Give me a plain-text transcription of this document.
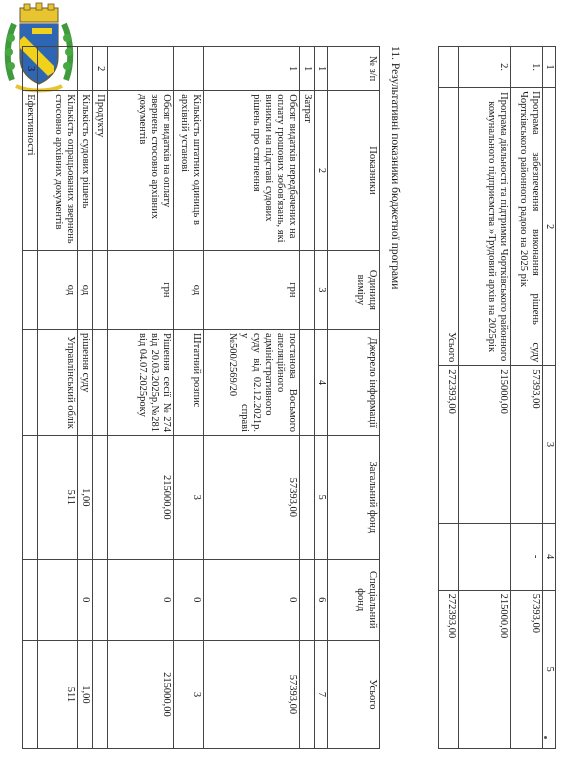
1	2	3	4	5
1.	Програма забезпечення виконання рішень суду Чортківського районного радою на 2025 рік	57393,00	-	57393,00
2.	Програма діяльності та підтримки Чортківського районного комунального підприємства »Трудовий архів на 2025рік	215000,00		215000,00
	Усього	272393,00		272393,00
11. Результативні показники бюджетної програми
№ з/п	Показники	Одиниця виміру	Джерело інформації	Загальний фонд	Спеціальний фонд	Усього
1	2	3	4	5	6	7
1	Затрат					
1	Обсяг видатків передбачених на оплату грошових зобов'язань, які виникли на підставі судових рішень про стягнення	грн	постанова Восьмого апеляційного адміністративного суду від 02.12.2021р. у справі №500/2569/20	57393,00	0	57393,00
	Кількість штатних одиниць в архівній установі	од	Штатний розпис	3	0	3
	Обсяг видатків на оплату звернень стосовно архівних документів	грн	Рішення сесії №274 від 20.03.2025р,№281 від 04.07.2025року	215000,00	0	215000,00
2	Продукту					
	Кількість судових рішень	од	рішення суду	1,00	0	1,00
	Кількість опрацьованих звернень стосовно архівних документів	од	Управлінський облік	511		511
3	Ефективності					
